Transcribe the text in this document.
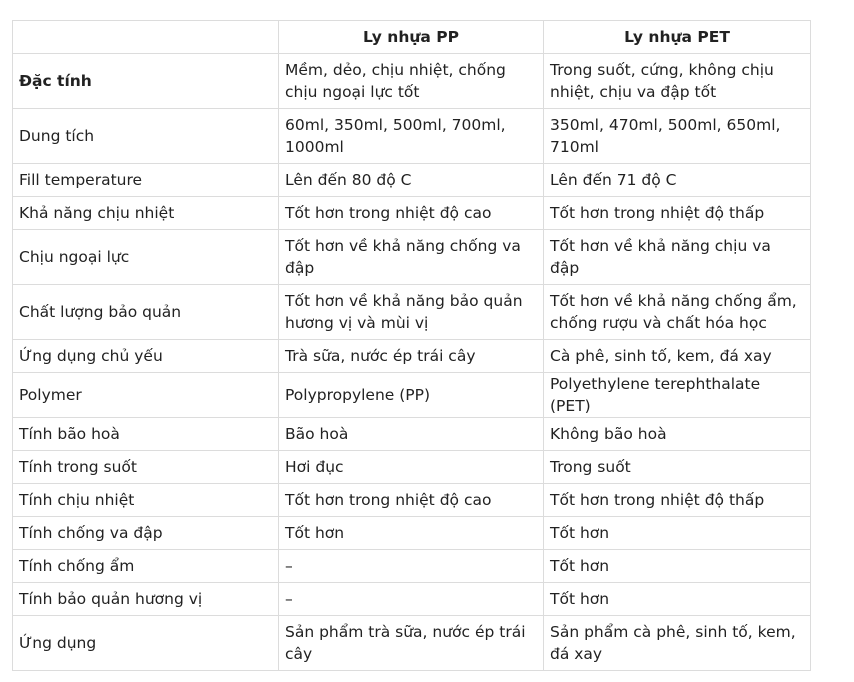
	Ly nhựa PP	Ly nhựa PET
Đặc tính	Mềm, dẻo, chịu nhiệt, chống chịu ngoại lực tốt	Trong suốt, cứng, không chịu nhiệt, chịu va đập tốt
Dung tích	60ml, 350ml, 500ml, 700ml, 1000ml	350ml, 470ml, 500ml, 650ml, 710ml
Fill temperature	Lên đến 80 độ C	Lên đến 71 độ C
Khả năng chịu nhiệt	Tốt hơn trong nhiệt độ cao	Tốt hơn trong nhiệt độ thấp
Chịu ngoại lực	Tốt hơn về khả năng chống va đập	Tốt hơn về khả năng chịu va đập
Chất lượng bảo quản	Tốt hơn về khả năng bảo quản hương vị và mùi vị	Tốt hơn về khả năng chống ẩm, chống rượu và chất hóa học
Ứng dụng chủ yếu	Trà sữa, nước ép trái cây	Cà phê, sinh tố, kem, đá xay
Polymer	Polypropylene (PP)	Polyethylene terephthalate (PET)
Tính bão hoà	Bão hoà	Không bão hoà
Tính trong suốt	Hơi đục	Trong suốt
Tính chịu nhiệt	Tốt hơn trong nhiệt độ cao	Tốt hơn trong nhiệt độ thấp
Tính chống va đập	Tốt hơn	Tốt hơn
Tính chống ẩm	–	Tốt hơn
Tính bảo quản hương vị	–	Tốt hơn
Ứng dụng	Sản phẩm trà sữa, nước ép trái cây	Sản phẩm cà phê, sinh tố, kem, đá xay
